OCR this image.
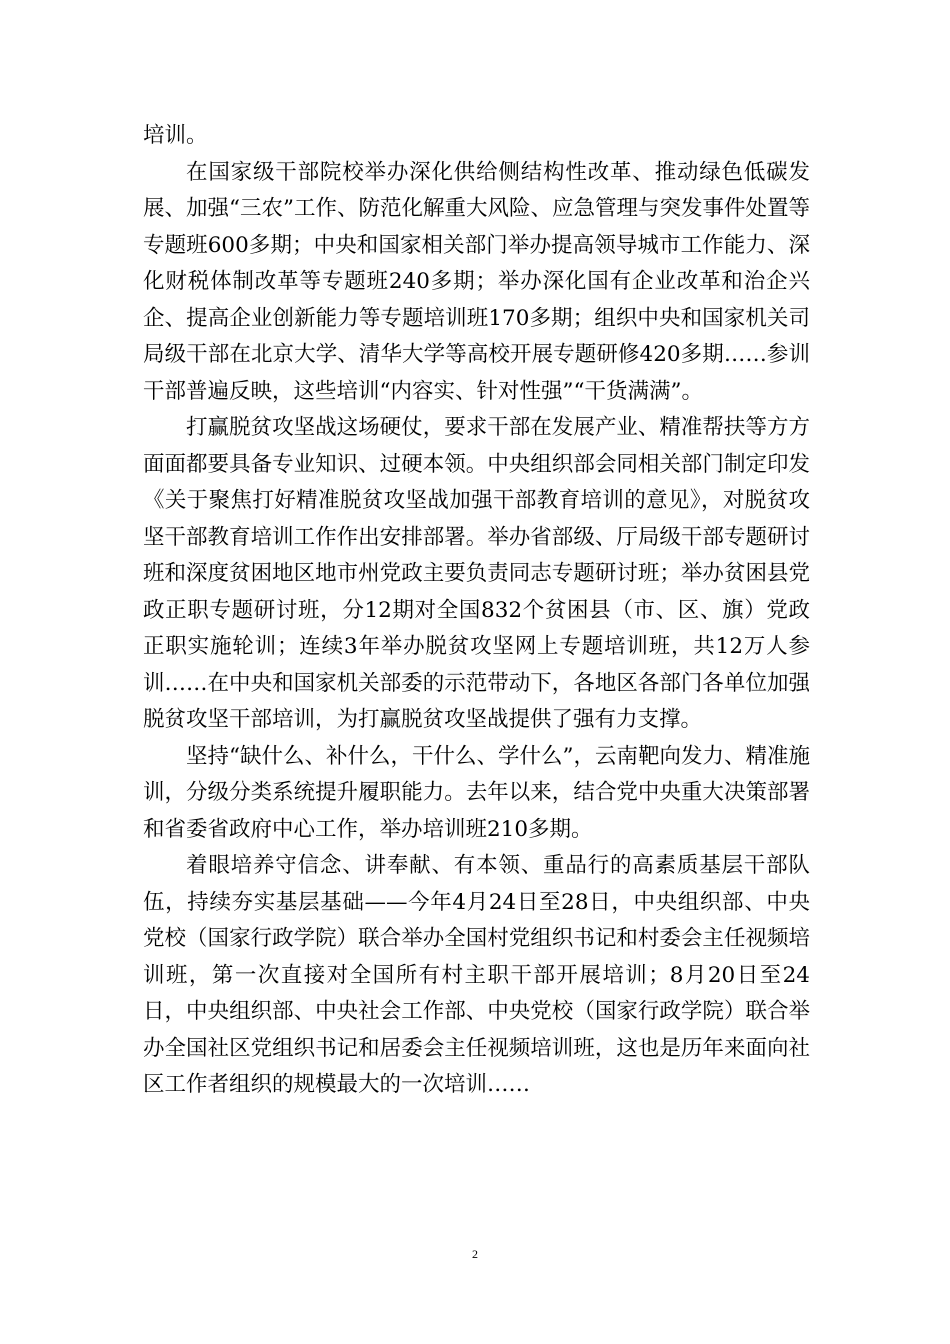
培训。

在国家级干部院校举办深化供给侧结构性改革、推动绿色低碳发展、加强“三农”工作、防范化解重大风险、应急管理与突发事件处置等专题班600多期；中央和国家相关部门举办提高领导城市工作能力、深化财税体制改革等专题班240多期；举办深化国有企业改革和治企兴企、提高企业创新能力等专题培训班170多期；组织中央和国家机关司局级干部在北京大学、清华大学等高校开展专题研修420多期……参训干部普遍反映，这些培训“内容实、针对性强”“干货满满”。

打赢脱贫攻坚战这场硬仗，要求干部在发展产业、精准帮扶等方方面面都要具备专业知识、过硬本领。中央组织部会同相关部门制定印发《关于聚焦打好精准脱贫攻坚战加强干部教育培训的意见》，对脱贫攻坚干部教育培训工作作出安排部署。举办省部级、厅局级干部专题研讨班和深度贫困地区地市州党政主要负责同志专题研讨班；举办贫困县党政正职专题研讨班，分12期对全国832个贫困县（市、区、旗）党政正职实施轮训；连续3年举办脱贫攻坚网上专题培训班，共12万人参训……在中央和国家机关部委的示范带动下，各地区各部门各单位加强脱贫攻坚干部培训，为打赢脱贫攻坚战提供了强有力支撑。

坚持“缺什么、补什么，干什么、学什么”，云南靶向发力、精准施训，分级分类系统提升履职能力。去年以来，结合党中央重大决策部署和省委省政府中心工作，举办培训班210多期。

着眼培养守信念、讲奉献、有本领、重品行的高素质基层干部队伍，持续夯实基层基础——今年4月24日至28日，中央组织部、中央党校（国家行政学院）联合举办全国村党组织书记和村委会主任视频培训班，第一次直接对全国所有村主职干部开展培训；8月20日至24日，中央组织部、中央社会工作部、中央党校（国家行政学院）联合举办全国社区党组织书记和居委会主任视频培训班，这也是历年来面向社区工作者组织的规模最大的一次培训……

2
